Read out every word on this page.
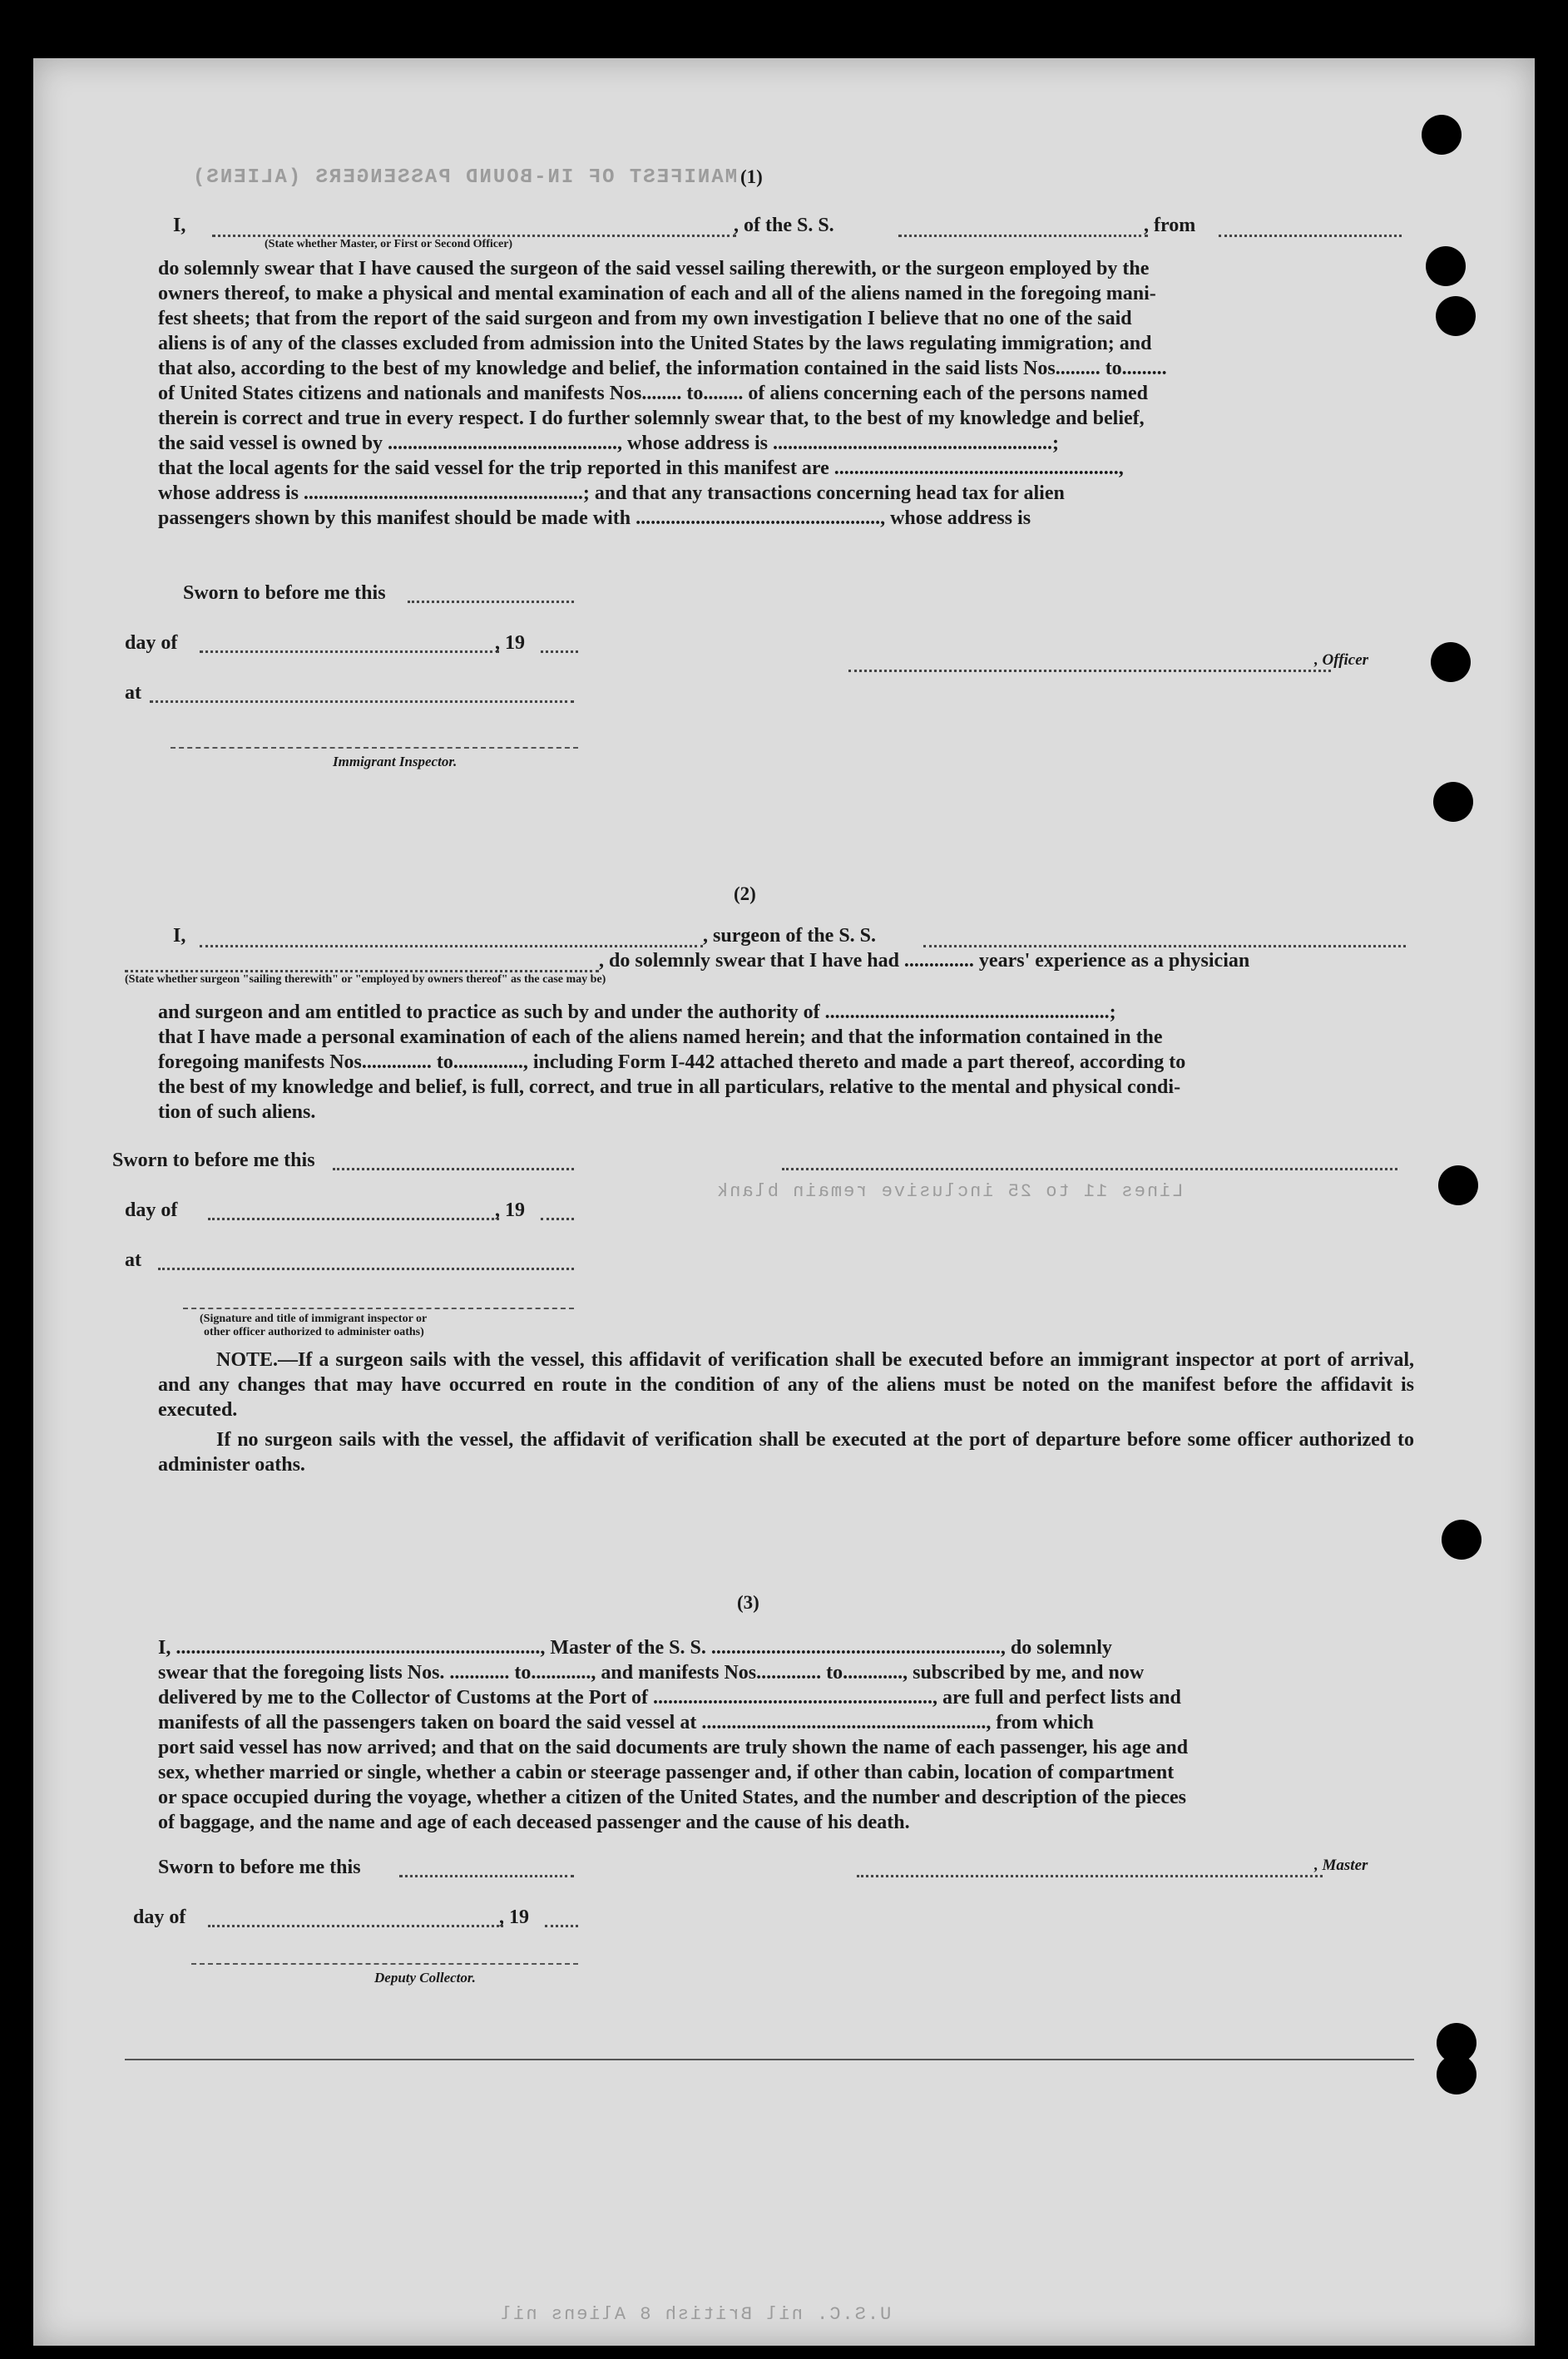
MANIFEST OF IN-BOUND PASSENGERS (ALIENS)
Lines 11 to 25 inclusive remain blank
U.S.C. nil British 8 Aliens nil
(1)
I,	, of the S. S.	, from
(State whether Master, or First or Second Officer)
do solemnly swear that I have caused the surgeon of the said vessel sailing therewith, or the surgeon employed by the
owners thereof, to make a physical and mental examination of each and all of the aliens named in the foregoing mani-
fest sheets; that from the report of the said surgeon and from my own investigation I believe that no one of the said
aliens is of any of the classes excluded from admission into the United States by the laws regulating immigration; and
that also, according to the best of my knowledge and belief, the information contained in the said lists Nos......... to.........
of United States citizens and nationals and manifests Nos........ to........ of aliens concerning each of the persons named
therein is correct and true in every respect. I do further solemnly swear that, to the best of my knowledge and belief,
the said vessel is owned by .............................................., whose address is ........................................................;
that the local agents for the said vessel for the trip reported in this manifest are .........................................................,
whose address is ........................................................; and that any transactions concerning head tax for alien
passengers shown by this manifest should be made with ................................................., whose address is
Sworn to before me this
day of	, 19
at
, Officer
Immigrant Inspector.
(2)
I,	, surgeon of the S. S.
, do solemnly swear that I have had .............. years' experience as a physician
(State whether surgeon "sailing therewith" or "employed by owners thereof" as the case may be)
and surgeon and am entitled to practice as such by and under the authority of .........................................................;
that I have made a personal examination of each of the aliens named herein; and that the information contained in the
foregoing manifests Nos.............. to.............., including Form I-442 attached thereto and made a part thereof, according to
the best of my knowledge and belief, is full, correct, and true in all particulars, relative to the mental and physical condi-
tion of such aliens.
Sworn to before me this
day of	, 19
at
(Signature and title of immigrant inspector or
other officer authorized to administer oaths)
NOTE.—If a surgeon sails with the vessel, this affidavit of verification shall be executed before an immigrant inspector at port of arrival, and any changes that may have occurred en route in the condition of any of the aliens must be noted on the manifest before the affidavit is executed.
If no surgeon sails with the vessel, the affidavit of verification shall be executed at the port of departure before some officer authorized to administer oaths.
(3)
I, ........................................................................., Master of the S. S. .........................................................., do solemnly
swear that the foregoing lists Nos. ............ to............, and manifests Nos............. to............, subscribed by me, and now
delivered by me to the Collector of Customs at the Port of ........................................................, are full and perfect lists and
manifests of all the passengers taken on board the said vessel at ........................................................., from which
port said vessel has now arrived; and that on the said documents are truly shown the name of each passenger, his age and
sex, whether married or single, whether a cabin or steerage passenger and, if other than cabin, location of compartment
or space occupied during the voyage, whether a citizen of the United States, and the number and description of the pieces
of baggage, and the name and age of each deceased passenger and the cause of his death.
Sworn to before me this	, Master
day of	, 19
Deputy Collector.
